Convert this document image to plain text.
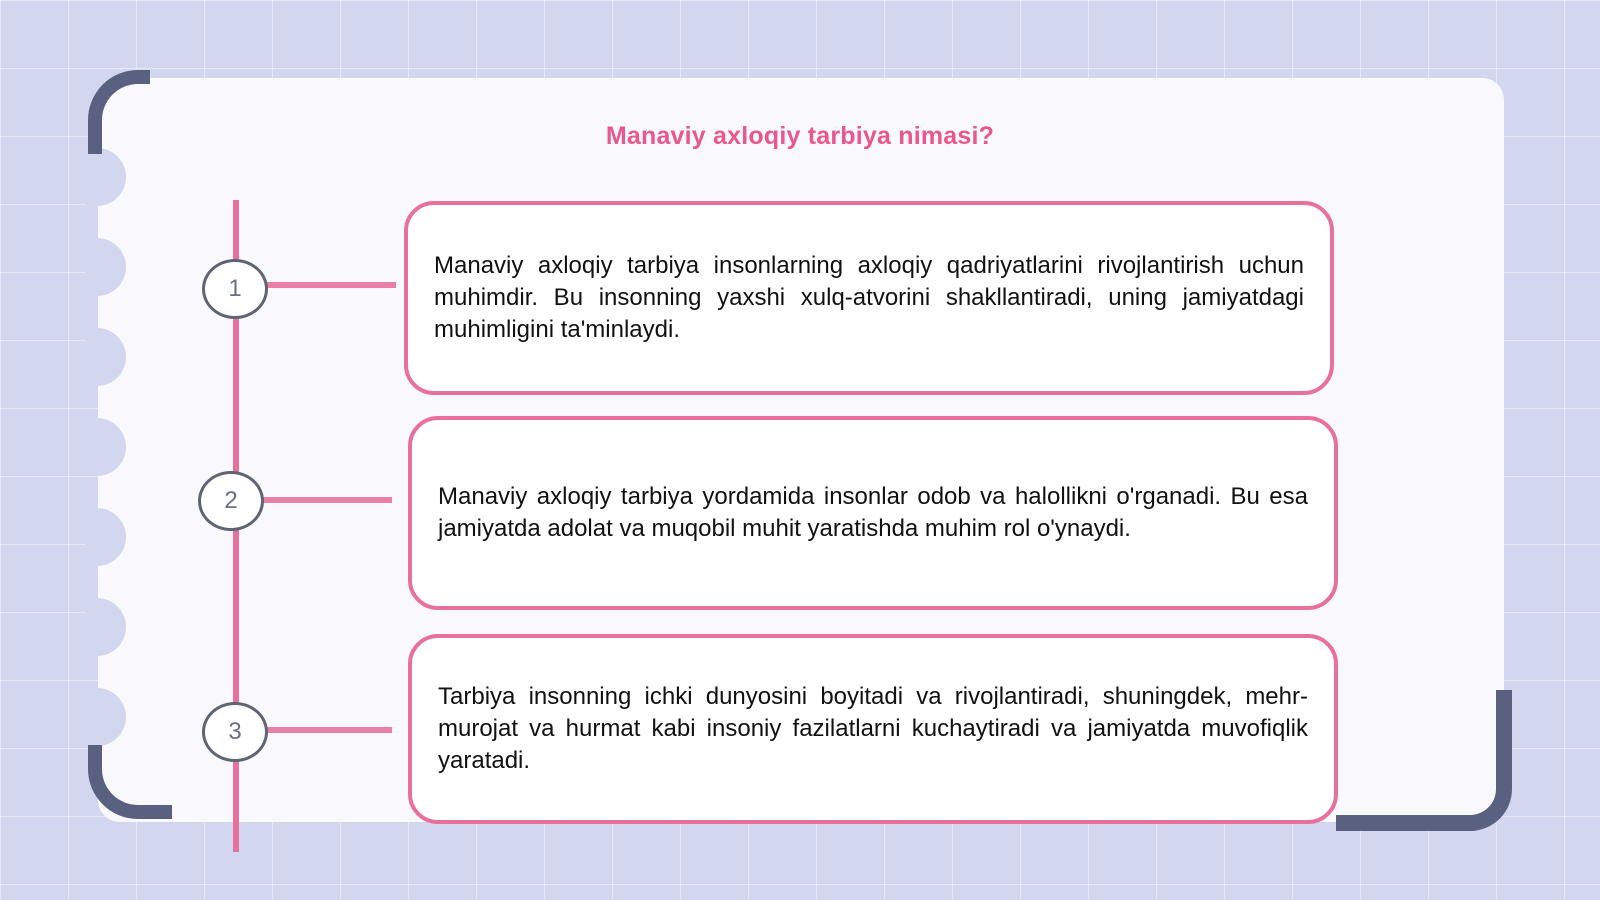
Manaviy axloqiy tarbiya nimasi?
1

Manaviy axloqiy tarbiya insonlarning axloqiy qadriyatlarini rivojlantirish uchun muhimdir. Bu insonning yaxshi xulq-atvorini shakllantiradi, uning jamiyatdagi muhimligini ta'minlaydi.

2	Manaviy axloqiy tarbiya yordamida insonlar odob va halollikni o'rganadi. Bu esa jamiyatda adolat va muqobil muhit yaratishda muhim rol o'ynaydi.

3

Tarbiya insonning ichki dunyosini boyitadi va rivojlantiradi, shuningdek, mehr-murojat va hurmat kabi insoniy fazilatlarni kuchaytiradi va jamiyatda muvofiqlik yaratadi.
